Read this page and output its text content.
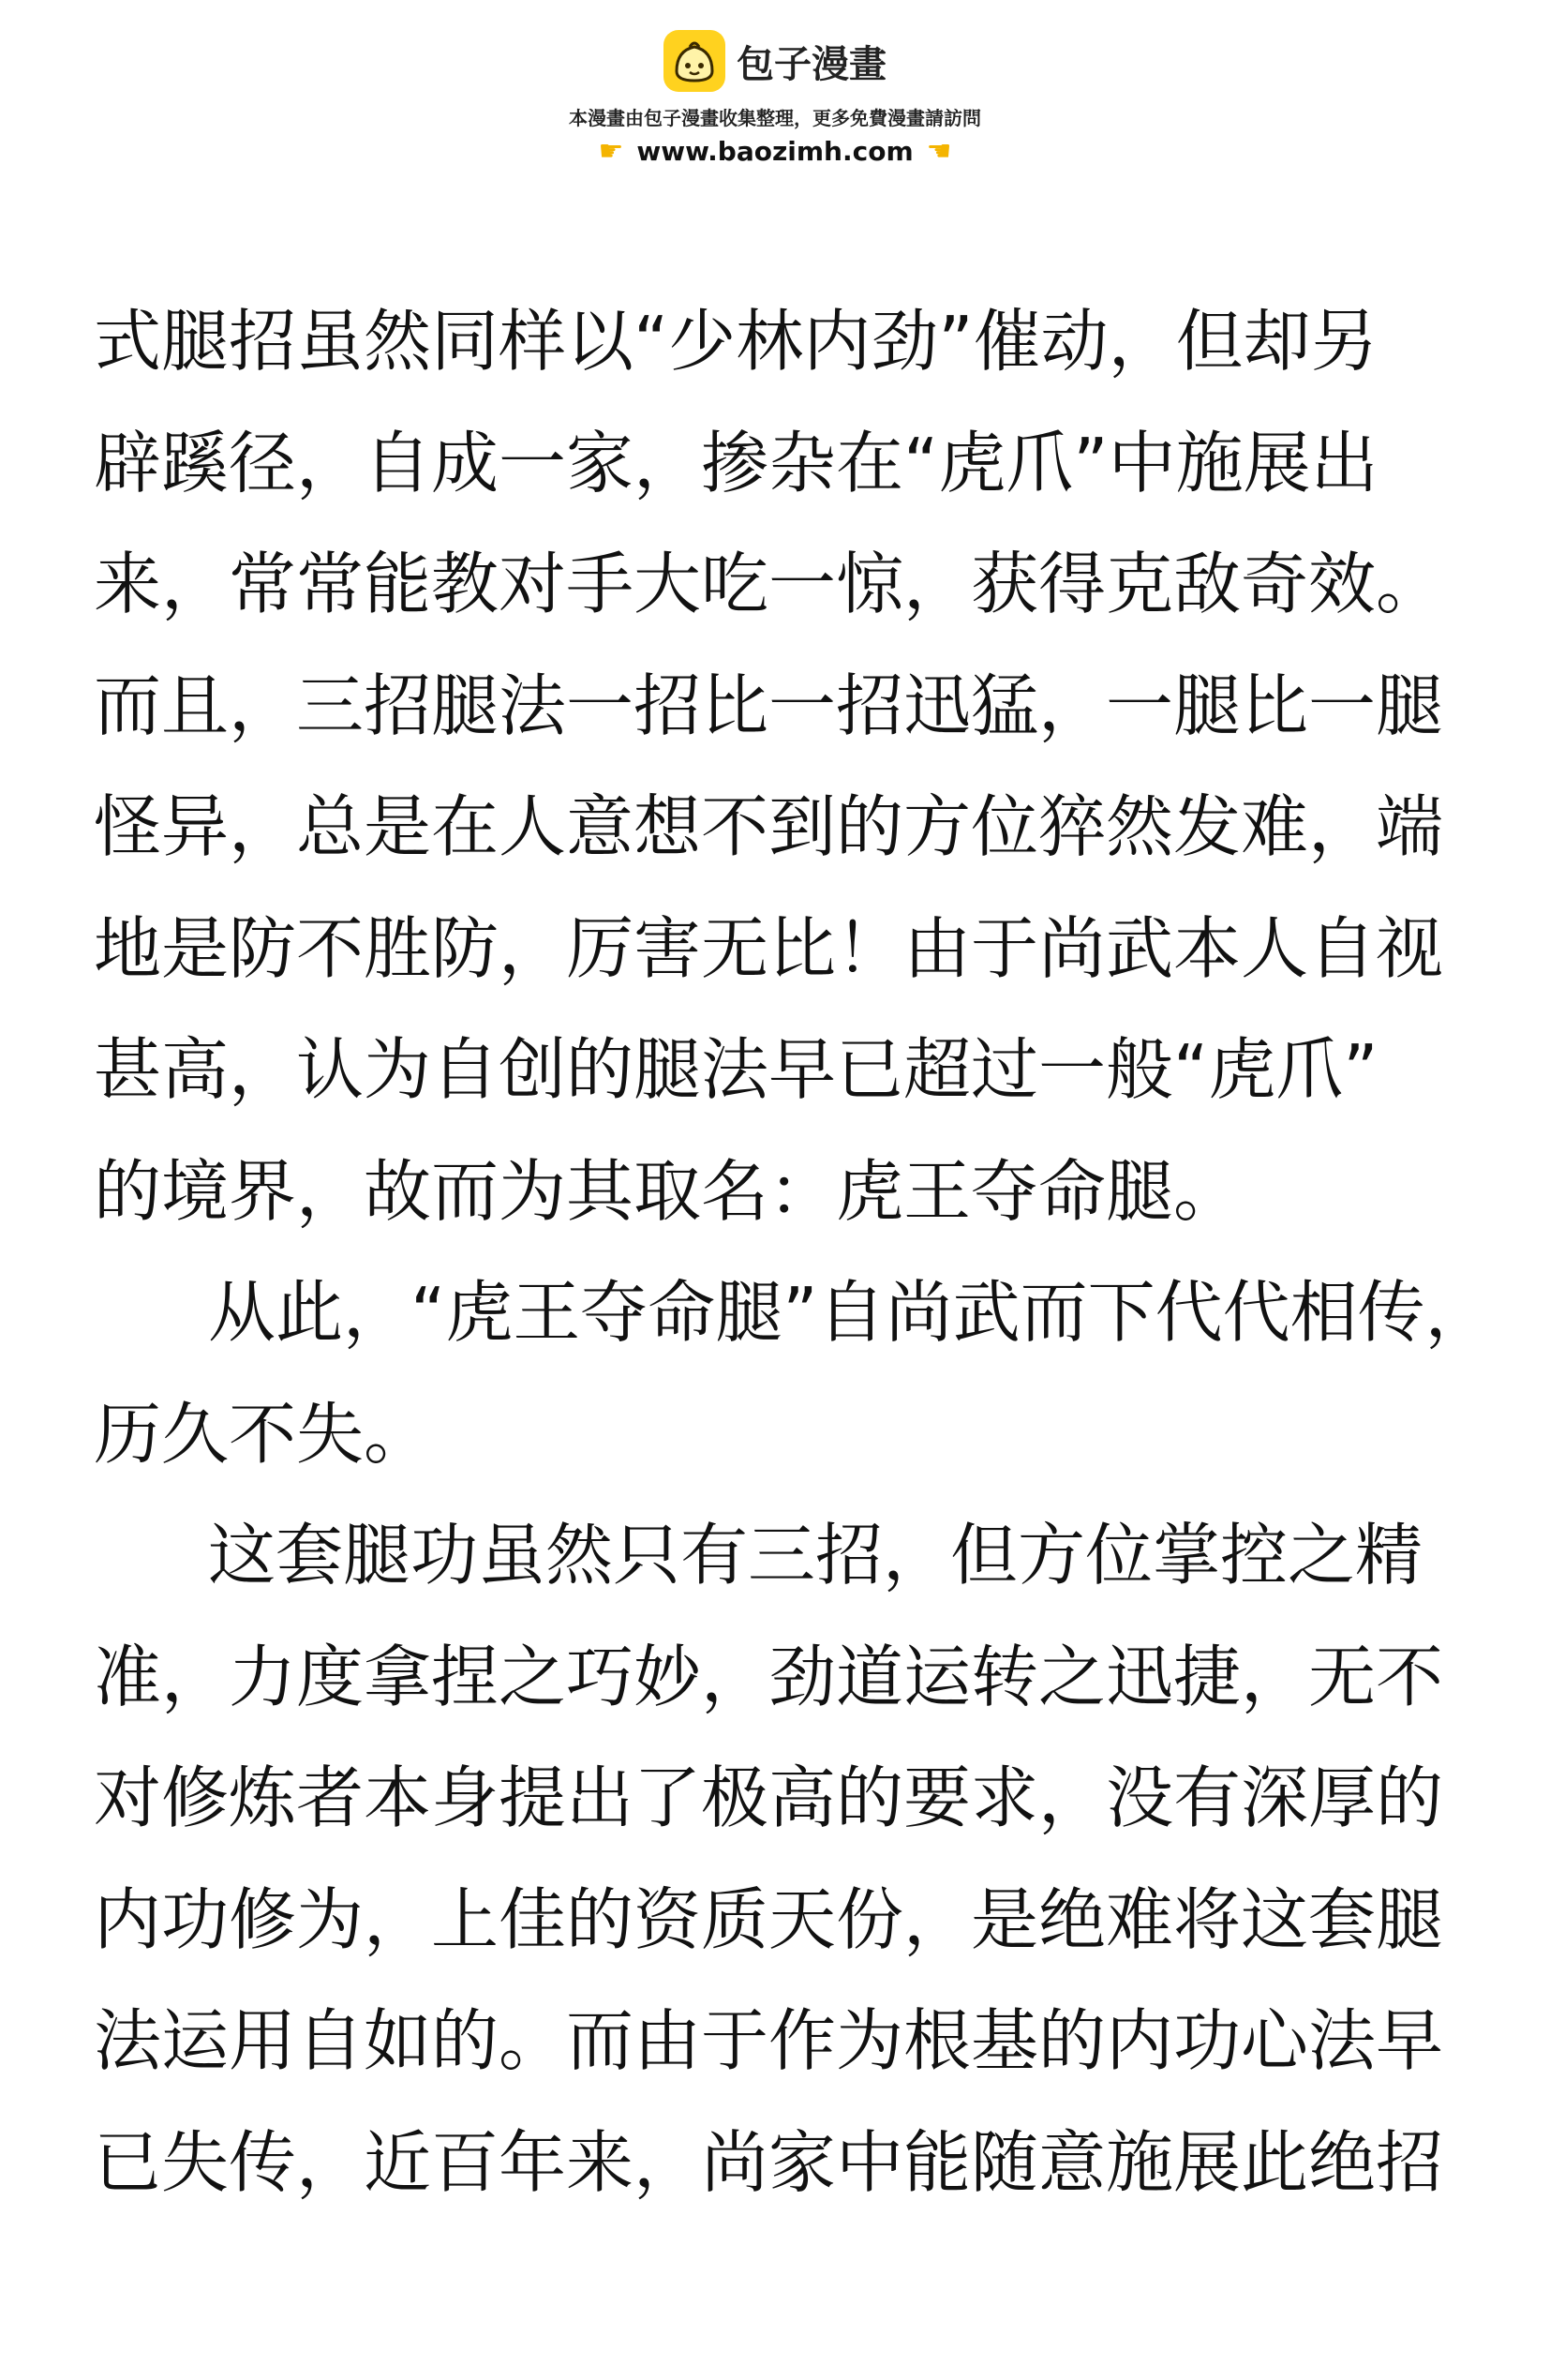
包子漫畫
本漫畫由包子漫畫收集整理，更多免費漫畫請訪問
☛ www.baozimh.com ☚
式腿招虽然同样以“少林内劲”催动，但却另
辟蹊径，自成一家，掺杂在“虎爪”中施展出
来，常常能教对手大吃一惊，获得克敌奇效。
而且，三招腿法一招比一招迅猛，一腿比一腿
怪异，总是在人意想不到的方位猝然发难，端
地是防不胜防，厉害无比！由于尚武本人自视
甚高，认为自创的腿法早已超过一般“虎爪”
的境界，故而为其取名：虎王夺命腿。
从此，“虎王夺命腿”自尚武而下代代相传，
历久不失。
这套腿功虽然只有三招，但方位掌控之精
准，力度拿捏之巧妙，劲道运转之迅捷，无不
对修炼者本身提出了极高的要求，没有深厚的
内功修为，上佳的资质天份，是绝难将这套腿
法运用自如的。而由于作为根基的内功心法早
已失传，近百年来，尚家中能随意施展此绝招
